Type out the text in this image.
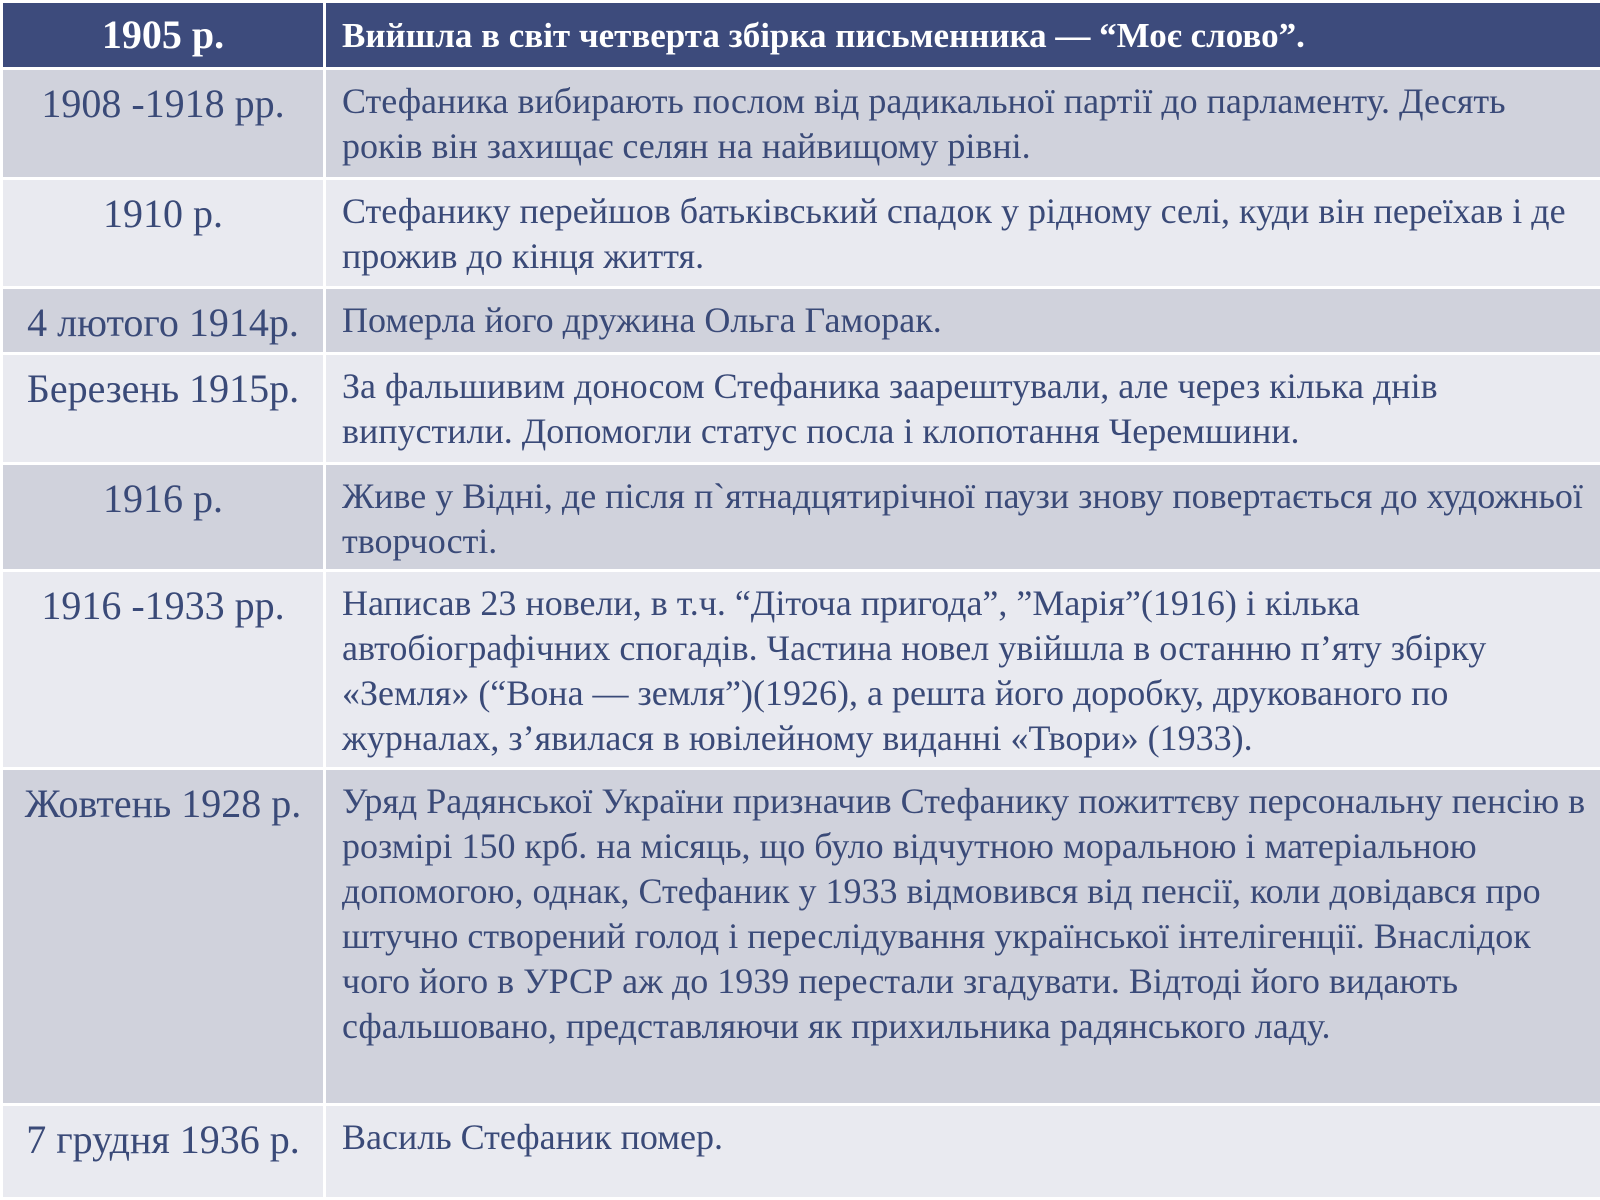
1905 р.	Вийшла в світ четверта збірка письменника — “Моє слово”.
1908 -1918 рр.	Стефаника вибирають послом від радикальної партії до парламенту. Десять років він захищає селян на найвищому рівні.
1910 р.	Стефанику перейшов батьківський спадок у рідному селі, куди він переїхав і де прожив до кінця життя.
4 лютого 1914р.	Померла його дружина Ольга Гаморак.
Березень 1915р.	За фальшивим доносом Стефаника заарештували, але через кілька днів випустили. Допомогли статус посла і клопотання Черемшини.
1916 р.	Живе у Відні, де після п`ятнадцятирічної паузи знову повертається до художньої творчості.
1916 -1933 рр.	Написав 23 новели, в т.ч. “Діточа пригода”, ”Марія”(1916) і кілька автобіографічних спогадів. Частина новел увійшла в останню п’яту збірку «Земля» (“Вона — земля”)(1926), а решта його доробку, друкованого по журналах, з’явилася в ювілейному виданні «Твори» (1933).
Жовтень 1928 р.	Уряд Радянської України призначив Стефанику пожиттєву персональну пенсію в розмірі 150 крб. на місяць, що було відчутною моральною і матеріальною допомогою, однак, Стефаник у 1933 відмовився від пенсії, коли довідався про штучно створений голод і переслідування української інтелігенції. Внаслідок чого його в УРСР аж до 1939 перестали згадувати. Відтоді його видають сфальшовано, представляючи як прихильника радянського ладу.
7 грудня 1936 р.	Василь Стефаник помер.
